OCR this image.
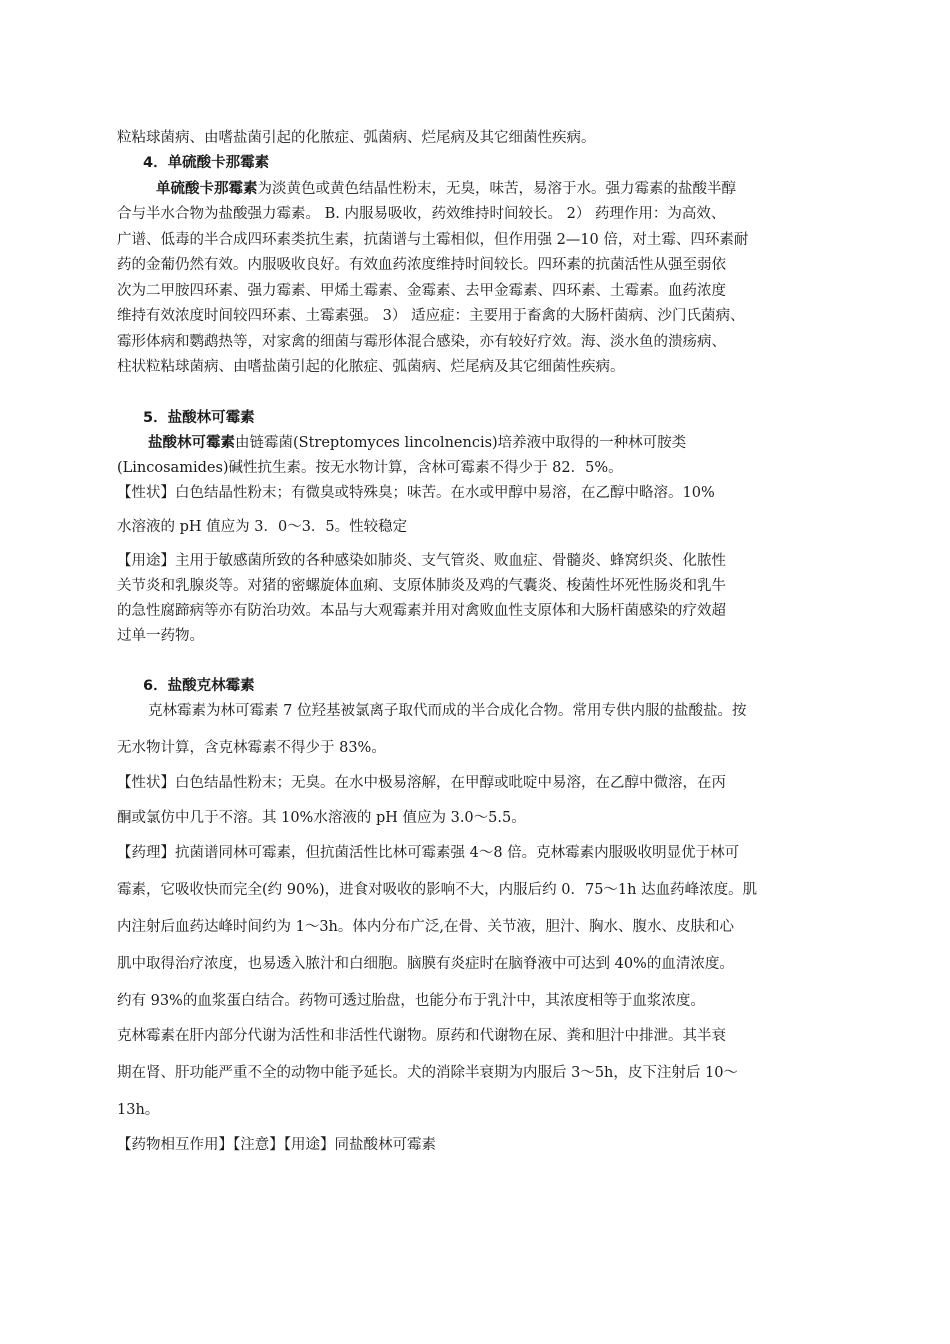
粒粘球菌病、由嗜盐菌引起的化脓症、弧菌病、烂尾病及其它细菌性疾病。

4．单硫酸卡那霉素

单硫酸卡那霉素为淡黄色或黄色结晶性粉末，无臭，味苦，易溶于水。强力霉素的盐酸半醇

合与半水合物为盐酸强力霉素。 B. 内服易吸收，药效维持时间较长。 2） 药理作用：为高效、

广谱、低毒的半合成四环素类抗生素，抗菌谱与土霉相似，但作用强 2—10 倍，对土霉、四环素耐

药的金葡仍然有效。内服吸收良好。有效血药浓度维持时间较长。四环素的抗菌活性从强至弱依

次为二甲胺四环素、强力霉素、甲烯土霉素、金霉素、去甲金霉素、四环素、土霉素。血药浓度

维持有效浓度时间较四环素、土霉素强。 3） 适应症：主要用于畜禽的大肠杆菌病、沙门氏菌病、

霉形体病和鹦鹉热等，对家禽的细菌与霉形体混合感染，亦有较好疗效。海、淡水鱼的溃疡病、

柱状粒粘球菌病、由嗜盐菌引起的化脓症、弧菌病、烂尾病及其它细菌性疾病。

5．盐酸林可霉素

盐酸林可霉素由链霉菌(Streptomyces lincolnencis)培养液中取得的一种林可胺类

(Lincosamides)碱性抗生素。按无水物计算，含林可霉素不得少于 82．5%。

【性状】白色结晶性粉末；有微臭或特殊臭；味苦。在水或甲醇中易溶，在乙醇中略溶。10%

水溶液的 pH 值应为 3．0～3．5。性较稳定

【用途】主用于敏感菌所致的各种感染如肺炎、支气管炎、败血症、骨髓炎、蜂窝织炎、化脓性

关节炎和乳腺炎等。对猪的密螺旋体血痢、支原体肺炎及鸡的气囊炎、梭菌性坏死性肠炎和乳牛

的急性腐蹄病等亦有防治功效。本品与大观霉素并用对禽败血性支原体和大肠杆菌感染的疗效超

过单一药物。

6．盐酸克林霉素

克林霉素为林可霉素 7 位羟基被氯离子取代而成的半合成化合物。常用专供内服的盐酸盐。按

无水物计算，含克林霉素不得少于 83%。

【性状】白色结晶性粉末；无臭。在水中极易溶解，在甲醇或吡啶中易溶，在乙醇中微溶，在丙

酮或氯仿中几于不溶。其 10%水溶液的 pH 值应为 3.0～5.5。

【药理】抗菌谱同林可霉素，但抗菌活性比林可霉素强 4～8 倍。克林霉素内服吸收明显优于林可

霉素，它吸收快而完全(约 90%)，进食对吸收的影响不大，内服后约 0．75～1h 达血药峰浓度。肌

内注射后血药达峰时间约为 1～3h。体内分布广泛,在骨、关节液，胆汁、胸水、腹水、皮肤和心

肌中取得治疗浓度，也易透入脓汁和白细胞。脑膜有炎症时在脑脊液中可达到 40%的血清浓度。

约有 93%的血浆蛋白结合。药物可透过胎盘，也能分布于乳汁中，其浓度相等于血浆浓度。

克林霉素在肝内部分代谢为活性和非活性代谢物。原药和代谢物在尿、粪和胆汁中排泄。其半衰

期在肾、肝功能严重不全的动物中能予延长。犬的消除半衰期为内服后 3～5h，皮下注射后 10～

13h。

【药物相互作用】【注意】【用途】同盐酸林可霉素
